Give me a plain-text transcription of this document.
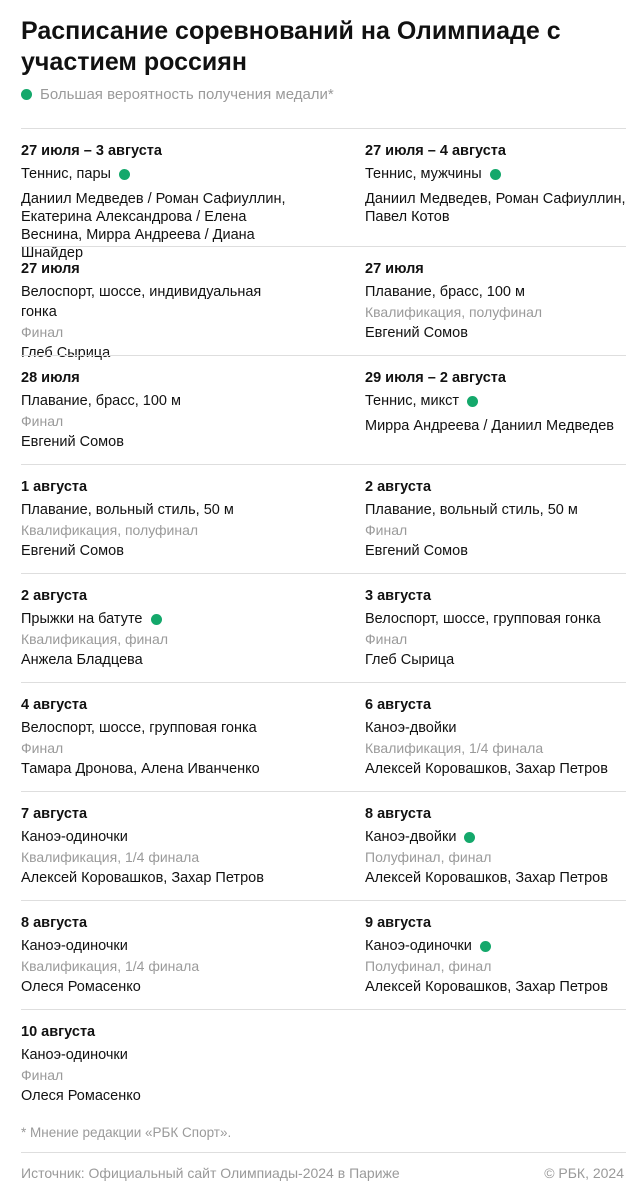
Расписание соревнований на Олимпиаде с участием россиян
Большая вероятность получения медали*
27 июля – 3 августа
Теннис, пары
Даниил Медведев / Роман Сафиуллин, Екатерина Александрова / Елена Веснина, Мирра Андреева / Диана Шнайдер
27 июля – 4 августа
Теннис, мужчины
Даниил Медведев, Роман Сафиуллин, Павел Котов
27 июля
Велоспорт, шоссе, индивидуальная гонка
Финал
Глеб Сырица
27 июля
Плавание, брасс, 100 м
Квалификация, полуфинал
Евгений Сомов
28 июля
Плавание, брасс, 100 м
Финал
Евгений Сомов
29 июля – 2 августа
Теннис, микст
Мирра Андреева / Даниил Медведев
1 августа
Плавание, вольный стиль, 50 м
Квалификация, полуфинал
Евгений Сомов
2 августа
Плавание, вольный стиль, 50 м
Финал
Евгений Сомов
2 августа
Прыжки на батуте
Квалификация, финал
Анжела Бладцева
3 августа
Велоспорт, шоссе, групповая гонка
Финал
Глеб Сырица
4 августа
Велоспорт, шоссе, групповая гонка
Финал
Тамара Дронова, Алена Иванченко
6 августа
Каноэ-двойки
Квалификация, 1/4 финала
Алексей Коровашков, Захар Петров
7 августа
Каноэ-одиночки
Квалификация, 1/4 финала
Алексей Коровашков, Захар Петров
8 августа
Каноэ-двойки
Полуфинал, финал
Алексей Коровашков, Захар Петров
8 августа
Каноэ-одиночки
Квалификация, 1/4 финала
Олеся Ромасенко
9 августа
Каноэ-одиночки
Полуфинал, финал
Алексей Коровашков, Захар Петров
10 августа
Каноэ-одиночки
Финал
Олеся Ромасенко
* Мнение редакции «РБК Спорт».
Источник: Официальный сайт Олимпиады-2024 в Париже	© РБК, 2024
